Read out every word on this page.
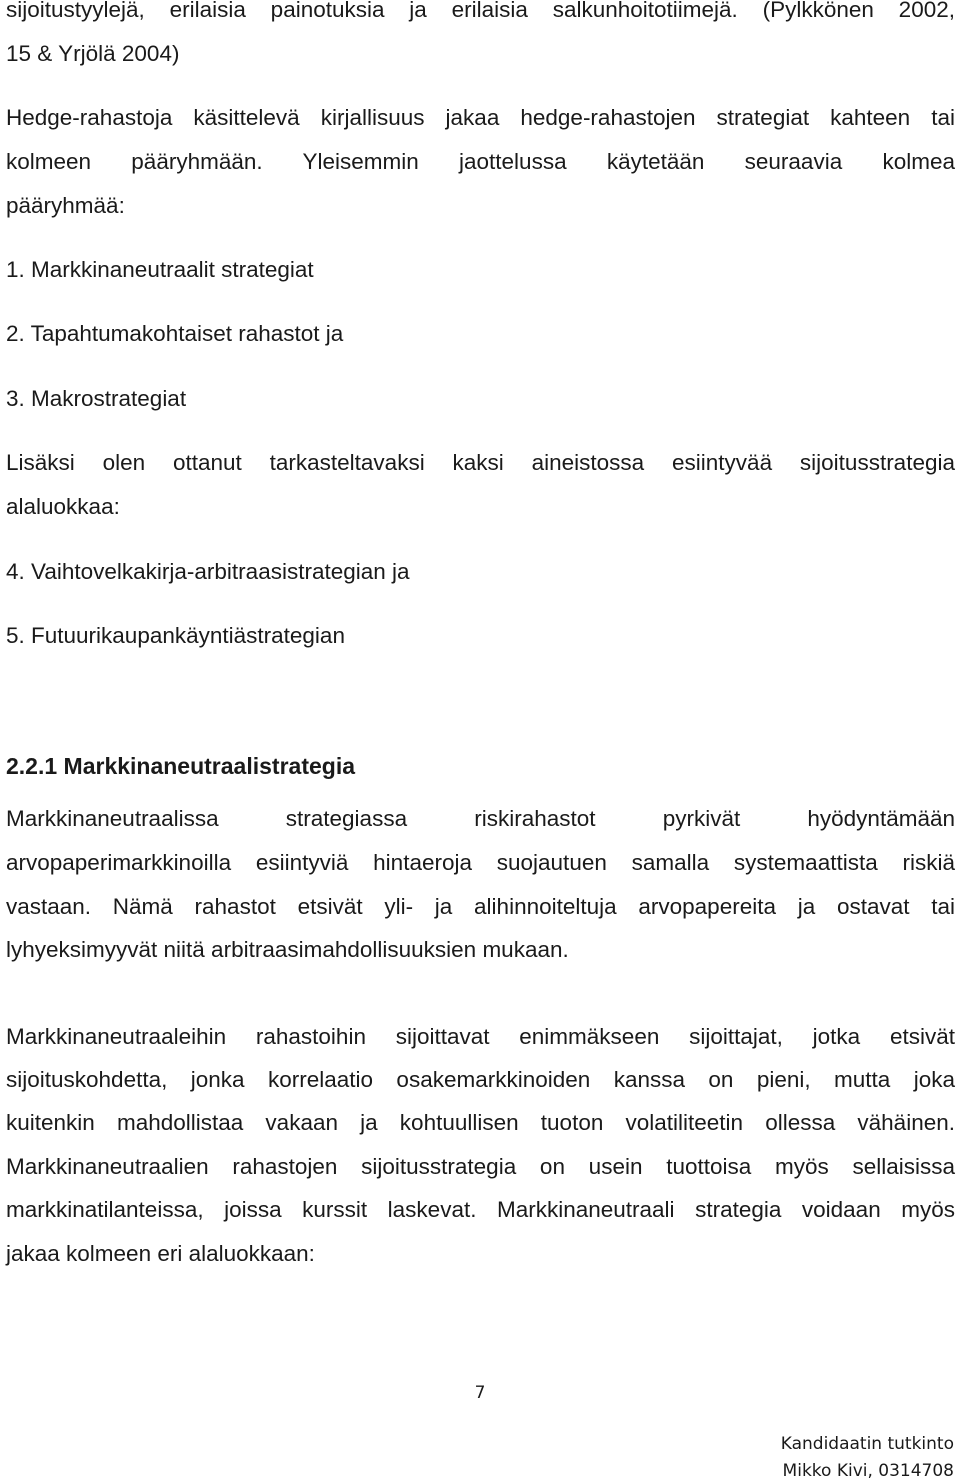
sijoitustyylejä, erilaisia painotuksia ja erilaisia salkunhoitotiimejä. (Pylkkönen 2002,
15 & Yrjölä 2004)
Hedge-rahastoja käsittelevä kirjallisuus jakaa hedge-rahastojen strategiat kahteen tai
kolmeen pääryhmään. Yleisemmin jaottelussa käytetään seuraavia kolmea
pääryhmää:
1. Markkinaneutraalit strategiat
2. Tapahtumakohtaiset rahastot ja
3. Makrostrategiat
Lisäksi olen ottanut tarkasteltavaksi kaksi aineistossa esiintyvää sijoitusstrategia
alaluokkaa:
4. Vaihtovelkakirja-arbitraasistrategian ja
5. Futuurikaupankäyntiästrategian
2.2.1 Markkinaneutraalistrategia
Markkinaneutraalissa strategiassa riskirahastot pyrkivät hyödyntämään
arvopaperimarkkinoilla esiintyviä hintaeroja suojautuen samalla systemaattista riskiä
vastaan. Nämä rahastot etsivät yli- ja alihinnoiteltuja arvopapereita ja ostavat tai
lyhyeksimyyvät niitä arbitraasimahdollisuuksien mukaan.
Markkinaneutraaleihin rahastoihin sijoittavat enimmäkseen sijoittajat, jotka etsivät
sijoituskohdetta, jonka korrelaatio osakemarkkinoiden kanssa on pieni, mutta joka
kuitenkin mahdollistaa vakaan ja kohtuullisen tuoton volatiliteetin ollessa vähäinen.
Markkinaneutraalien rahastojen sijoitusstrategia on usein tuottoisa myös sellaisissa
markkinatilanteissa, joissa kurssit laskevat. Markkinaneutraali strategia voidaan myös
jakaa kolmeen eri alaluokkaan:
7
Kandidaatin tutkinto
Mikko Kivi, 0314708
